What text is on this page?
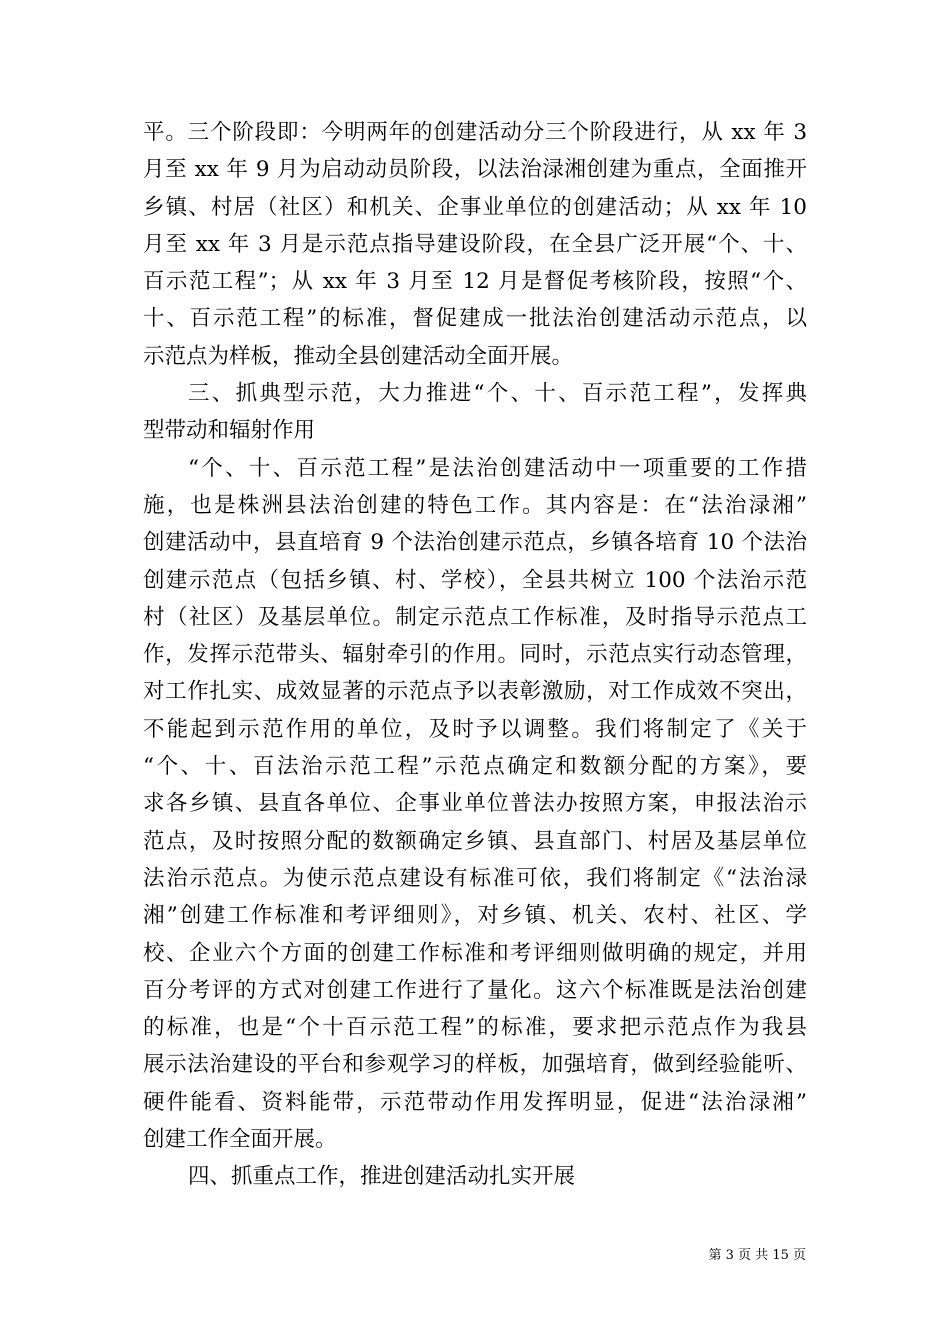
平。三个阶段即：今明两年的创建活动分三个阶段进行，从 xx 年 3
月至 xx 年 9 月为启动动员阶段，以法治渌湘创建为重点，全面推开
乡镇、村居（社区）和机关、企事业单位的创建活动；从 xx 年 10
月至 xx 年 3 月是示范点指导建设阶段，在全县广泛开展“个、十、
百示范工程”；从 xx 年 3 月至 12 月是督促考核阶段，按照“个、
十、百示范工程”的标准，督促建成一批法治创建活动示范点，以
示范点为样板，推动全县创建活动全面开展。
三、抓典型示范，大力推进“个、十、百示范工程”，发挥典
型带动和辐射作用
“个、十、百示范工程”是法治创建活动中一项重要的工作措
施，也是株洲县法治创建的特色工作。其内容是：在“法治渌湘”
创建活动中，县直培育 9 个法治创建示范点，乡镇各培育 10 个法治
创建示范点（包括乡镇、村、学校），全县共树立 100 个法治示范
村（社区）及基层单位。制定示范点工作标准，及时指导示范点工
作，发挥示范带头、辐射牵引的作用。同时，示范点实行动态管理，
对工作扎实、成效显著的示范点予以表彰激励，对工作成效不突出，
不能起到示范作用的单位，及时予以调整。我们将制定了《关于
“个、十、百法治示范工程”示范点确定和数额分配的方案》，要
求各乡镇、县直各单位、企事业单位普法办按照方案，申报法治示
范点，及时按照分配的数额确定乡镇、县直部门、村居及基层单位
法治示范点。为使示范点建设有标准可依，我们将制定《“法治渌
湘”创建工作标准和考评细则》，对乡镇、机关、农村、社区、学
校、企业六个方面的创建工作标准和考评细则做明确的规定，并用
百分考评的方式对创建工作进行了量化。这六个标准既是法治创建
的标准，也是“个十百示范工程”的标准，要求把示范点作为我县
展示法治建设的平台和参观学习的样板，加强培育，做到经验能听、
硬件能看、资料能带，示范带动作用发挥明显，促进“法治渌湘”
创建工作全面开展。
四、抓重点工作，推进创建活动扎实开展
第 3 页 共 15 页
